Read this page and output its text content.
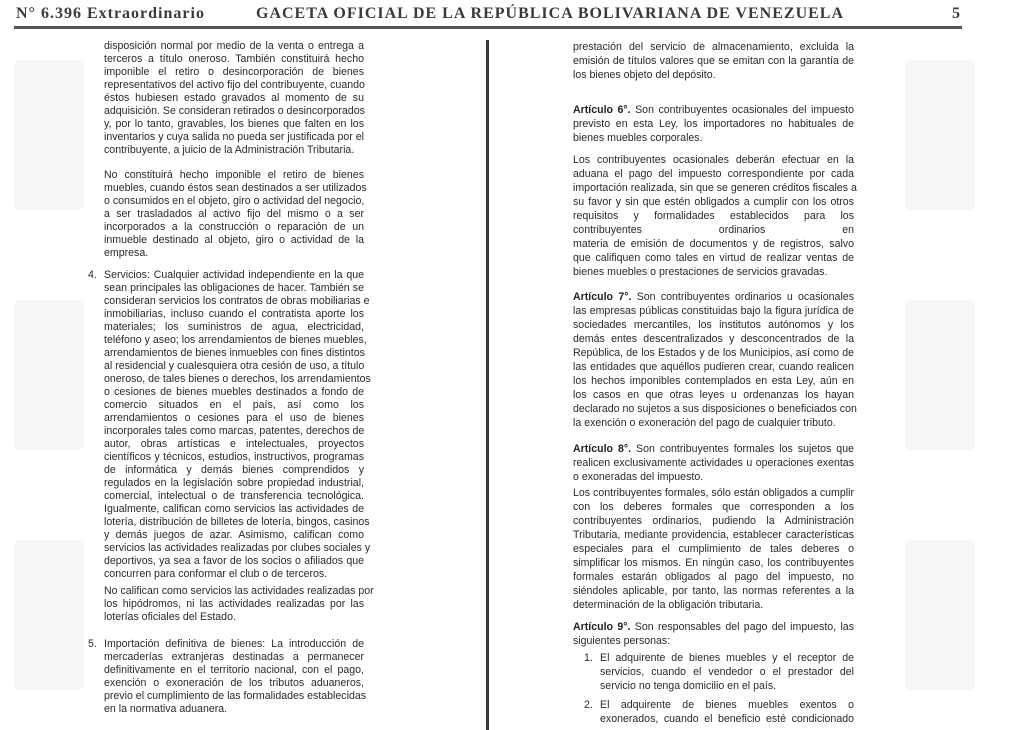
N° 6.396 Extraordinario	GACETA OFICIAL DE LA REPÚBLICA BOLIVARIANA DE VENEZUELA	5
disposición normal por medio de la venta o entrega a
terceros a título oneroso. También constituirá hecho
imponible el retiro o desincorporación de bienes
representativos del activo fijo del contribuyente, cuando
éstos hubiesen estado gravados al momento de su
adquisición. Se consideran retirados o desincorporados
y, por lo tanto, gravables, los bienes que falten en los
inventarios y cuya salida no pueda ser justificada por el
contribuyente, a juicio de la Administración Tributaria.
No constituirá hecho imponible el retiro de bienes
muebles, cuando éstos sean destinados a ser utilizados
o consumidos en el objeto, giro o actividad del negocio,
a ser trasladados al activo fijo del mismo o a ser
incorporados a la construcción o reparación de un
inmueble destinado al objeto, giro o actividad de la
empresa.
4. Servicios: Cualquier actividad independiente en la que
sean principales las obligaciones de hacer. También se
consideran servicios los contratos de obras mobiliarias e
inmobiliarias, incluso cuando el contratista aporte los
materiales; los suministros de agua, electricidad,
teléfono y aseo; los arrendamientos de bienes muebles,
arrendamientos de bienes inmuebles con fines distintos
al residencial y cualesquiera otra cesión de uso, a título
oneroso, de tales bienes o derechos, los arrendamientos
o cesiones de bienes muebles destinados a fondo de
comercio situados en el país, así como los
arrendamientos o cesiones para el uso de bienes
incorporales tales como marcas, patentes, derechos de
autor, obras artísticas e intelectuales, proyectos
científicos y técnicos, estudios, instructivos, programas
de informática y demás bienes comprendidos y
regulados en la legislación sobre propiedad industrial,
comercial, intelectual o de transferencia tecnológica.
Igualmente, califican como servicios las actividades de
lotería, distribución de billetes de lotería, bingos, casinos
y demás juegos de azar. Asimismo, califican como
servicios las actividades realizadas por clubes sociales y
deportivos, ya sea a favor de los socios o afiliados que
concurren para conformar el club o de terceros.
No califican como servicios las actividades realizadas por
los hipódromos, ni las actividades realizadas por las
loterías oficiales del Estado.
5. Importación definitiva de bienes: La introducción de
mercaderías extranjeras destinadas a permanecer
definitivamente en el territorio nacional, con el pago,
exención o exoneración de los tributos aduaneros,
previo el cumplimiento de las formalidades establecidas
en la normativa aduanera.
prestación del servicio de almacenamiento, excluida la
emisión de títulos valores que se emitan con la garantía de
los bienes objeto del depósito.
Artículo 6°. Son contribuyentes ocasionales del impuesto
previsto en esta Ley, los importadores no habituales de
bienes muebles corporales.
Los contribuyentes ocasionales deberán efectuar en la
aduana el pago del impuesto correspondiente por cada
importación realizada, sin que se generen créditos fiscales a
su favor y sin que estén obligados a cumplir con los otros
requisitos y formalidades establecidos para los
contribuyentes ordinarios en
materia de emisión de documentos y de registros, salvo
que califiquen como tales en virtud de realizar ventas de
bienes muebles o prestaciones de servicios gravadas.
Artículo 7°. Son contribuyentes ordinarios u ocasionales
las empresas públicas constituidas bajo la figura jurídica de
sociedades mercantiles, los institutos autónomos y los
demás entes descentralizados y desconcentrados de la
República, de los Estados y de los Municipios, así como de
las entidades que aquéllos pudieren crear, cuando realicen
los hechos imponibles contemplados en esta Ley, aún en
los casos en que otras leyes u ordenanzas los hayan
declarado no sujetos a sus disposiciones o beneficiados con
la exención o exoneración del pago de cualquier tributo.
Artículo 8°. Son contribuyentes formales los sujetos que
realicen exclusivamente actividades u operaciones exentas
o exoneradas del impuesto.
Los contribuyentes formales, sólo están obligados a cumplir
con los deberes formales que corresponden a los
contribuyentes ordinarios, pudiendo la Administración
Tributaria, mediante providencia, establecer características
especiales para el cumplimiento de tales deberes o
simplificar los mismos. En ningún caso, los contribuyentes
formales estarán obligados al pago del impuesto, no
siéndoles aplicable, por tanto, las normas referentes a la
determinación de la obligación tributaria.
Artículo 9°. Son responsables del pago del impuesto, las
siguientes personas:
1. El adquirente de bienes muebles y el receptor de
servicios, cuando el vendedor o el prestador del
servicio no tenga domicilio en el país.
2. El adquirente de bienes muebles exentos o
exonerados, cuando el beneficio esté condicionado
